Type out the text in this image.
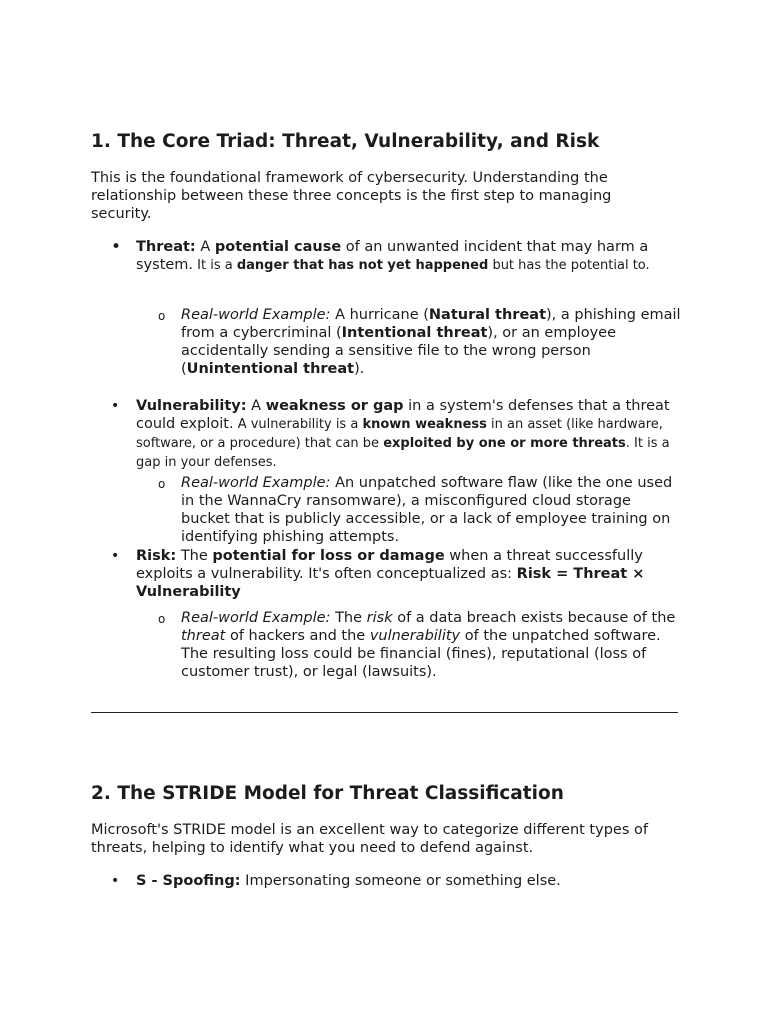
1. The Core Triad: Threat, Vulnerability, and Risk

This is the foundational framework of cybersecurity. Understanding the relationship between these three concepts is the first step to managing security.

• Threat: A potential cause of an unwanted incident that may harm a system. It is a danger that has not yet happened but has the potential to.
o Real-world Example: A hurricane (Natural threat), a phishing email from a cybercriminal (Intentional threat), or an employee accidentally sending a sensitive file to the wrong person (Unintentional threat).
• Vulnerability: A weakness or gap in a system's defenses that a threat could exploit. A vulnerability is a known weakness in an asset (like hardware, software, or a procedure) that can be exploited by one or more threats. It is a gap in your defenses.
o Real-world Example: An unpatched software flaw (like the one used in the WannaCry ransomware), a misconfigured cloud storage bucket that is publicly accessible, or a lack of employee training on identifying phishing attempts.
• Risk: The potential for loss or damage when a threat successfully exploits a vulnerability. It's often conceptualized as: Risk = Threat × Vulnerability
o Real-world Example: The risk of a data breach exists because of the threat of hackers and the vulnerability of the unpatched software. The resulting loss could be financial (fines), reputational (loss of customer trust), or legal (lawsuits).
2. The STRIDE Model for Threat Classification

Microsoft's STRIDE model is an excellent way to categorize different types of threats, helping to identify what you need to defend against.

• S - Spoofing: Impersonating someone or something else.
